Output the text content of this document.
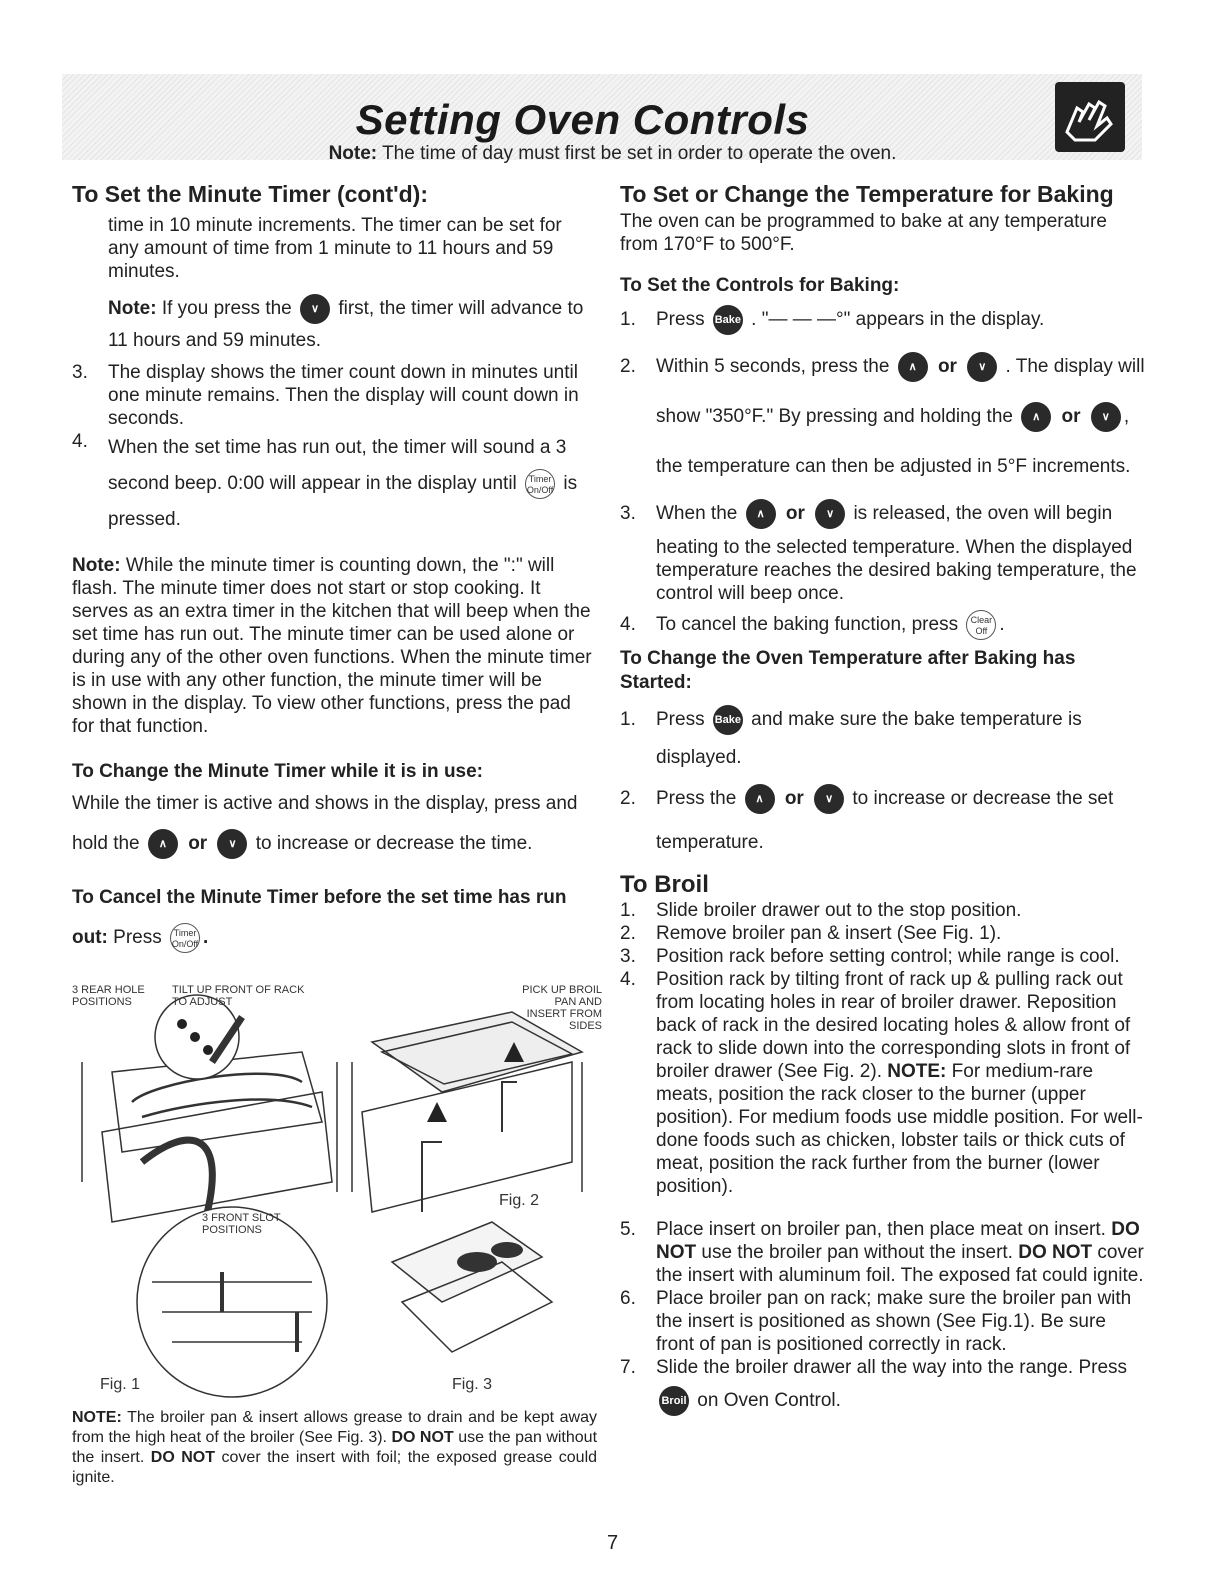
Setting Oven Controls
Note: The time of day must first be set in order to operate the oven.
To Set the Minute Timer (cont'd):

time in 10 minute increments. The timer can be set for any amount of time from 1 minute to 11 hours and 59 minutes.

Note: If you press the ∨ first, the timer will advance to 11 hours and 59 minutes.

3.	The display shows the timer count down in minutes until one minute remains. Then the display will count down in seconds.
4.	When the set time has run out, the timer will sound a 3 second beep. 0:00 will appear in the display until Timer
On/Off is pressed.

Note: While the minute timer is counting down, the ":" will flash. The minute timer does not start or stop cooking. It serves as an extra timer in the kitchen that will beep when the set time has run out. The minute timer can be used alone or during any of the other oven functions. When the minute timer is in use with any other function, the minute timer will be shown in the display. To view other functions, press the pad for that function.

To Change the Minute Timer while it is in use:

While the timer is active and shows in the display, press and hold the ∧ or ∨ to increase or decrease the time.

To Cancel the Minute Timer before the set time has run out: Press Timer
On/Off .
3 REAR HOLE POSITIONS
TILT UP FRONT OF RACK TO ADJUST
PICK UP BROIL PAN AND INSERT FROM SIDES
3 FRONT SLOT POSITIONS
Fig. 1
Fig. 2
Fig. 3
NOTE: The broiler pan & insert allows grease to drain and be kept away from the high heat of the broiler (See Fig. 3). DO NOT use the pan without the insert. DO NOT cover the insert with foil; the exposed grease could ignite.
To Set or Change the Temperature for Baking

The oven can be programmed to bake at any temperature from 170°F to 500°F.

To Set the Controls for Baking:
1.	Press Bake . "— — —°" appears in the display.
2.	Within 5 seconds, press the ∧ or ∨ . The display will show "350°F." By pressing and holding the ∧ or ∨ , the temperature can then be adjusted in 5°F increments.
3.	When the ∧ or ∨ is released, the oven will begin heating to the selected temperature. When the displayed temperature reaches the desired baking temperature, the control will beep once.
4.	To cancel the baking function, press Clear
Off .
To Change the Oven Temperature after Baking has Started:
1.	Press Bake and make sure the bake temperature is displayed.
2.	Press the ∧ or ∨ to increase or decrease the set temperature.
To Broil
1.	Slide broiler drawer out to the stop position.
2.	Remove broiler pan & insert (See Fig. 1).
3.	Position rack before setting control; while range is cool.
4.	Position rack by tilting front of rack up & pulling rack out from locating holes in rear of broiler drawer. Reposition back of rack in the desired locating holes & allow front of rack to slide down into the corresponding slots in front of broiler drawer (See Fig. 2). NOTE: For medium-rare meats, position the rack closer to the burner (upper position). For medium foods use middle position. For well-done foods such as chicken, lobster tails or thick cuts of meat, position the rack further from the burner (lower position).
5.	Place insert on broiler pan, then place meat on insert. DO NOT use the broiler pan without the insert. DO NOT cover the insert with aluminum foil. The exposed fat could ignite.
6.	Place broiler pan on rack; make sure the broiler pan with the insert is positioned as shown (See Fig.1). Be sure front of pan is positioned correctly in rack.
7.	Slide the broiler drawer all the way into the range. Press
Broil on Oven Control.
7
